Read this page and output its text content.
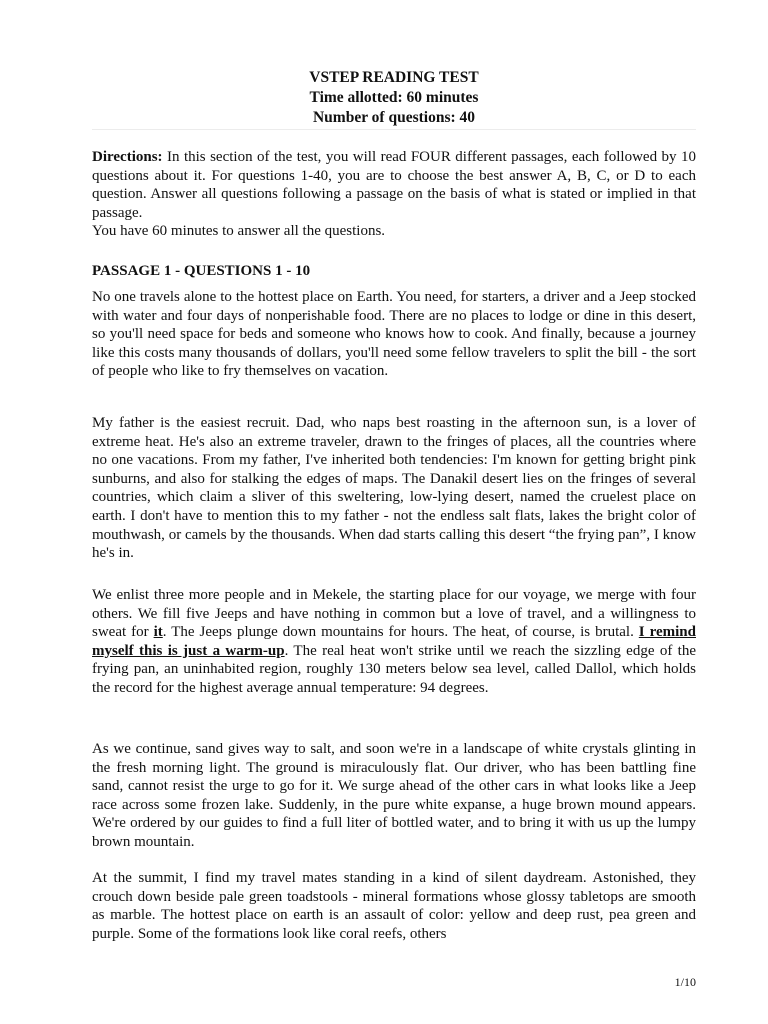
VSTEP READING TEST
Time allotted: 60 minutes
Number of questions: 40

Directions: In this section of the test, you will read FOUR different passages, each followed by 10 questions about it. For questions 1-40, you are to choose the best answer A, B, C, or D to each question. Answer all questions following a passage on the basis of what is stated or implied in that passage.

You have 60 minutes to answer all the questions.

PASSAGE 1 - QUESTIONS 1 - 10

No one travels alone to the hottest place on Earth. You need, for starters, a driver and a Jeep stocked with water and four days of nonperishable food. There are no places to lodge or dine in this desert, so you'll need space for beds and someone who knows how to cook. And finally, because a journey like this costs many thousands of dollars, you'll need some fellow travelers to split the bill - the sort of people who like to fry themselves on vacation.

My father is the easiest recruit. Dad, who naps best roasting in the afternoon sun, is a lover of extreme heat. He's also an extreme traveler, drawn to the fringes of places, all the countries where no one vacations. From my father, I've inherited both tendencies: I'm known for getting bright pink sunburns, and also for stalking the edges of maps. The Danakil desert lies on the fringes of several countries, which claim a sliver of this sweltering, low-lying desert, named the cruelest place on earth. I don't have to mention this to my father - not the endless salt flats, lakes the bright color of mouthwash, or camels by the thousands. When dad starts calling this desert “the frying pan”, I know he's in.

We enlist three more people and in Mekele, the starting place for our voyage, we merge with four others. We fill five Jeeps and have nothing in common but a love of travel, and a willingness to sweat for it. The Jeeps plunge down mountains for hours. The heat, of course, is brutal. I remind myself this is just a warm-up. The real heat won't strike until we reach the sizzling edge of the frying pan, an uninhabited region, roughly 130 meters below sea level, called Dallol, which holds the record for the highest average annual temperature: 94 degrees.

As we continue, sand gives way to salt, and soon we're in a landscape of white crystals glinting in the fresh morning light. The ground is miraculously flat. Our driver, who has been battling fine sand, cannot resist the urge to go for it. We surge ahead of the other cars in what looks like a Jeep race across some frozen lake. Suddenly, in the pure white expanse, a huge brown mound appears. We're ordered by our guides to find a full liter of bottled water, and to bring it with us up the lumpy brown mountain.

At the summit, I find my travel mates standing in a kind of silent daydream. Astonished, they crouch down beside pale green toadstools - mineral formations whose glossy tabletops are smooth as marble. The hottest place on earth is an assault of color: yellow and deep rust, pea green and purple. Some of the formations look like coral reefs, others

1/10
